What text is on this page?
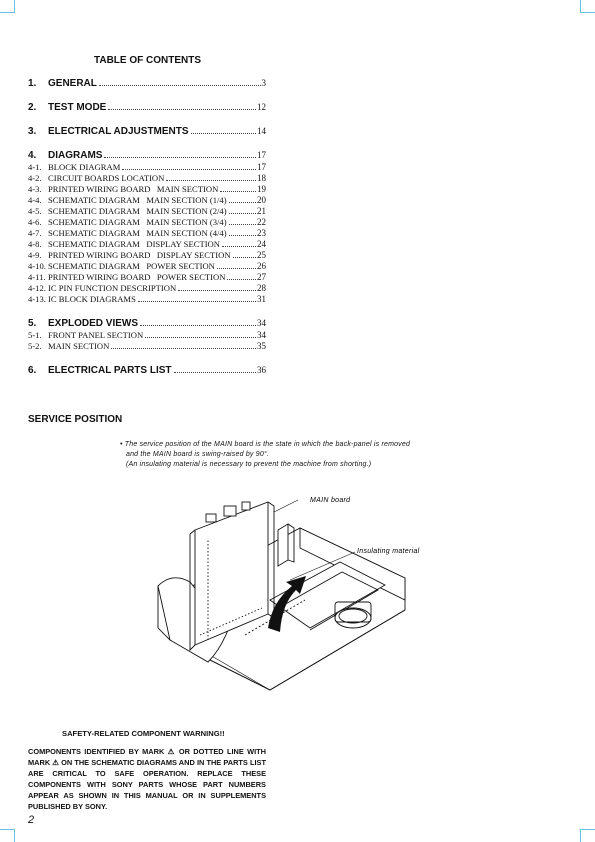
TABLE OF CONTENTS
1.	GENERAL	3
2.	TEST MODE	12
3.	ELECTRICAL ADJUSTMENTS	14
4.	DIAGRAMS	17
4-1. BLOCK DIAGRAM	17
4-2. CIRCUIT BOARDS LOCATION	18
4-3. PRINTED WIRING BOARD   MAIN SECTION	19
4-4. SCHEMATIC DIAGRAM   MAIN SECTION (1/4)	20
4-5. SCHEMATIC DIAGRAM   MAIN SECTION (2/4)	21
4-6. SCHEMATIC DIAGRAM   MAIN SECTION (3/4)	22
4-7. SCHEMATIC DIAGRAM   MAIN SECTION (4/4)	23
4-8. SCHEMATIC DIAGRAM   DISPLAY SECTION	24
4-9. PRINTED WIRING BOARD   DISPLAY SECTION	25
4-10. SCHEMATIC DIAGRAM   POWER SECTION	26
4-11. PRINTED WIRING BOARD   POWER SECTION	27
4-12. IC PIN FUNCTION DESCRIPTION	28
4-13. IC BLOCK DIAGRAMS	31
5.	EXPLODED VIEWS	34
5-1. FRONT PANEL SECTION	34
5-2. MAIN SECTION	35
6.	ELECTRICAL PARTS LIST	36
SERVICE POSITION
• The service position of the MAIN board is the state in which the back-panel is removed
and the MAIN board is swing-raised by 90°.
(An insulating material is necessary to prevent the machine from shorting.)
MAIN board
Insulating material
SAFETY-RELATED COMPONENT WARNING!!
COMPONENTS IDENTIFIED BY MARK ⚠ OR DOTTED LINE WITH MARK ⚠ ON THE SCHEMATIC DIAGRAMS AND IN THE PARTS LIST ARE CRITICAL TO SAFE OPERATION. REPLACE THESE COMPONENTS WITH SONY PARTS WHOSE PART NUMBERS APPEAR AS SHOWN IN THIS MANUAL OR IN SUPPLEMENTS PUBLISHED BY SONY.
2
